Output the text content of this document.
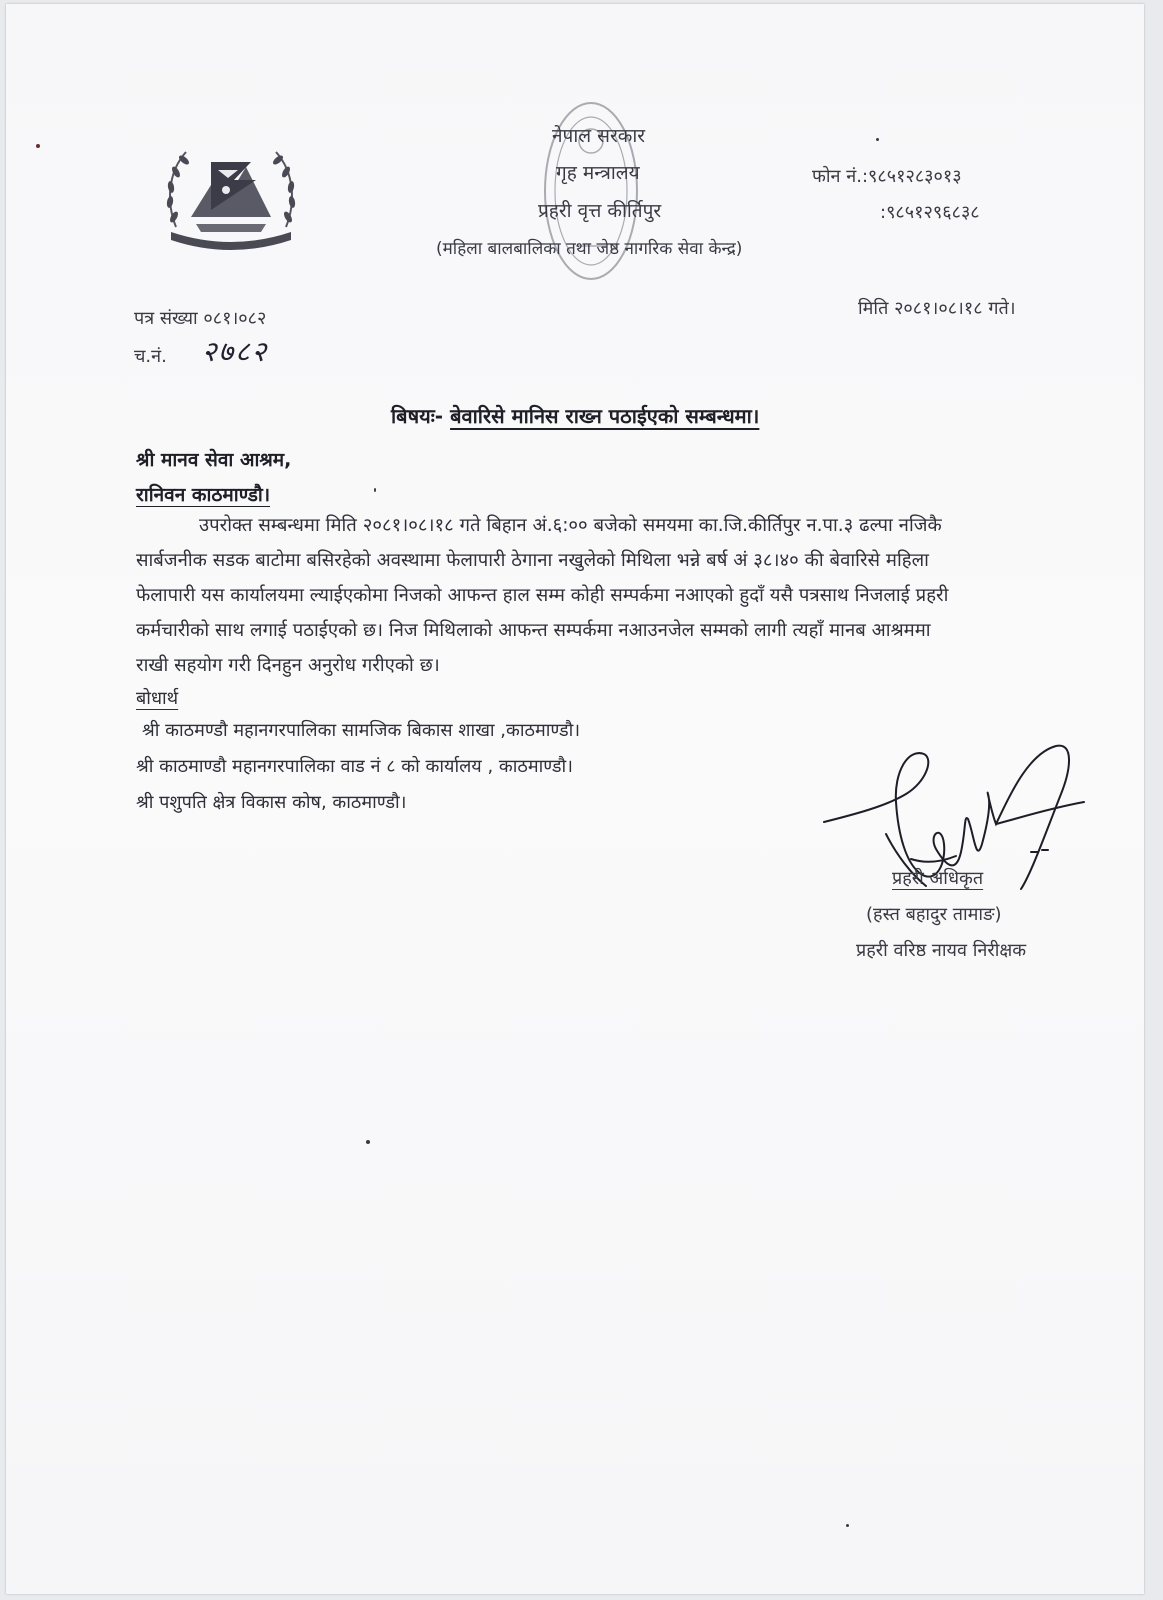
नेपाल सरकार
गृह मन्त्रालय
प्रहरी वृत्त कीर्तिपुर
(महिला बालबालिका तथा जेष्ठ नागरिक सेवा केन्द्र)
फोन नं.:९८५१२८३०१३
:९८५१२९६८३८
पत्र संख्या ०८१।०८२
च.नं. २७८२
मिति २०८१।०८।१८ गते।
बिषयः- बेवारिसे मानिस राख्न पठाईएको सम्बन्धमा।
श्री मानव सेवा आश्रम,
रानिवन काठमाण्डौ।
उपरोक्त सम्बन्धमा मिति २०८१।०८।१८ गते बिहान अं.६:०० बजेको समयमा का.जि.कीर्तिपुर न.पा.३ ढल्पा नजिकै
सार्बजनीक सडक बाटोमा बसिरहेको अवस्थामा फेलापारी ठेगाना नखुलेको मिथिला भन्ने बर्ष अं ३८।४० की बेवारिसे महिला
फेलापारी यस कार्यालयमा ल्याईएकोमा निजको आफन्त हाल सम्म कोही सम्पर्कमा नआएको हुदाँ यसै पत्रसाथ निजलाई प्रहरी
कर्मचारीको साथ लगाई पठाईएको छ। निज मिथिलाको आफन्त सम्पर्कमा नआउनजेल सम्मको लागी त्यहाँ मानब आश्रममा
राखी सहयोग गरी दिनहुन अनुरोध गरीएको छ।
बोधार्थ
श्री काठमण्डौ महानगरपालिका सामजिक बिकास शाखा ,काठमाण्डौ।
श्री काठमाण्डौ महानगरपालिका वाड नं ८ को कार्यालय , काठमाण्डौ।
श्री पशुपति क्षेत्र विकास कोष, काठमाण्डौ।
प्रहरी अधिकृत
(हस्त बहादुर तामाङ)
प्रहरी वरिष्ठ नायव निरीक्षक
